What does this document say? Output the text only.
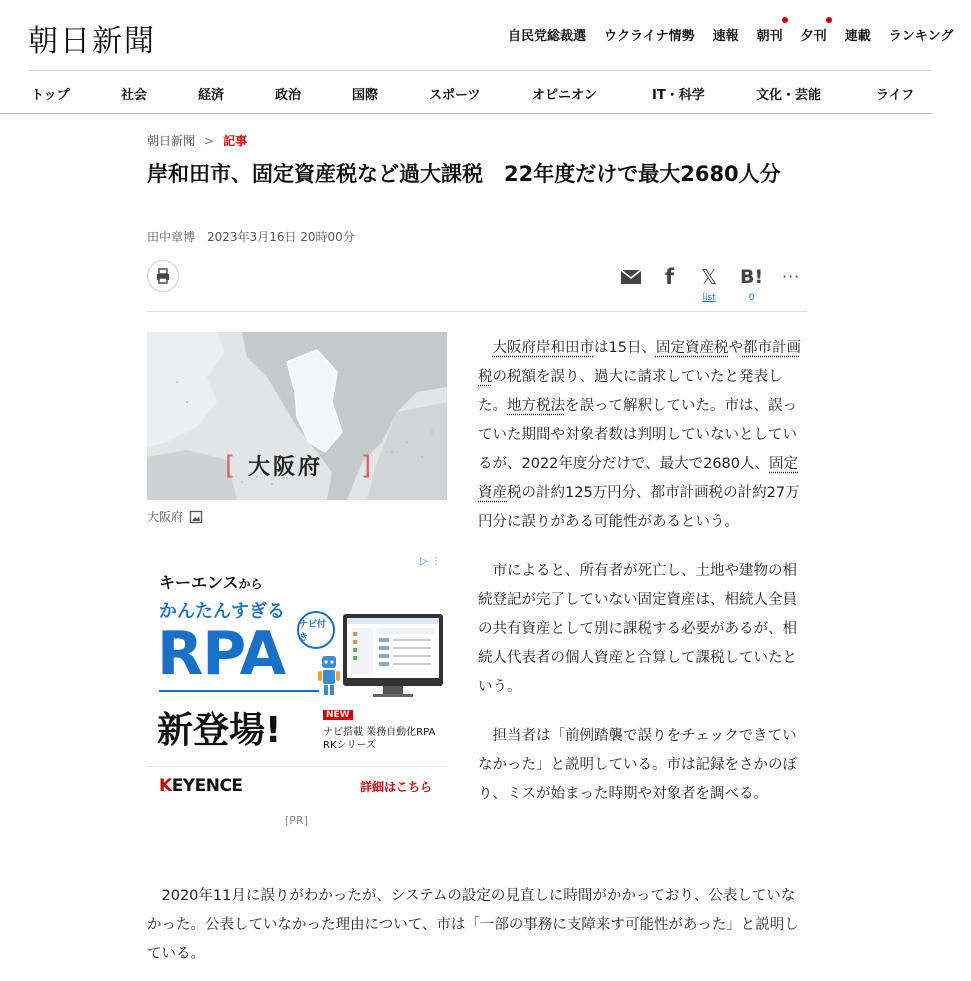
朝日新聞	自民党総裁選 ウクライナ情勢 速報 朝刊 夕刊 連載 ランキング
トップ	社会	経済	政治	国際	スポーツ	オピニオン	IT・科学	文化・芸能	ライフ
朝日新聞 > 記事
岸和田市、固定資産税など過大課税　22年度だけで最大2680人分
田中章博 2023年3月16日 20時00分
f 𝕏
list
B!
0
···
[	]
大阪府
大阪府
▷ ⋮
キーエンスから
かんたんすぎる
RPA ナビ付き
新登場!	NEW
ナビ搭載 業務自動化RPA
RKシリーズ
KEYENCE	詳細はこちら
[PR]

大阪府岸和田市は15日、固定資産税や都市計画税の税額を誤り、過大に請求していたと発表した。地方税法を誤って解釈していた。市は、誤っていた期間や対象者数は判明していないとしているが、2022年度分だけで、最大で2680人、固定資産税の計約125万円分、都市計画税の計約27万円分に誤りがある可能性があるという。

市によると、所有者が死亡し、土地や建物の相続登記が完了していない固定資産は、相続人全員の共有資産として別に課税する必要があるが、相続人代表者の個人資産と合算して課税していたという。

担当者は「前例踏襲で誤りをチェックできていなかった」と説明している。市は記録をさかのぼり、ミスが始まった時期や対象者を調べる。

2020年11月に誤りがわかったが、システムの設定の見直しに時間がかかっており、公表していなかった。公表していなかった理由について、市は「一部の事務に支障来す可能性があった」と説明している。
